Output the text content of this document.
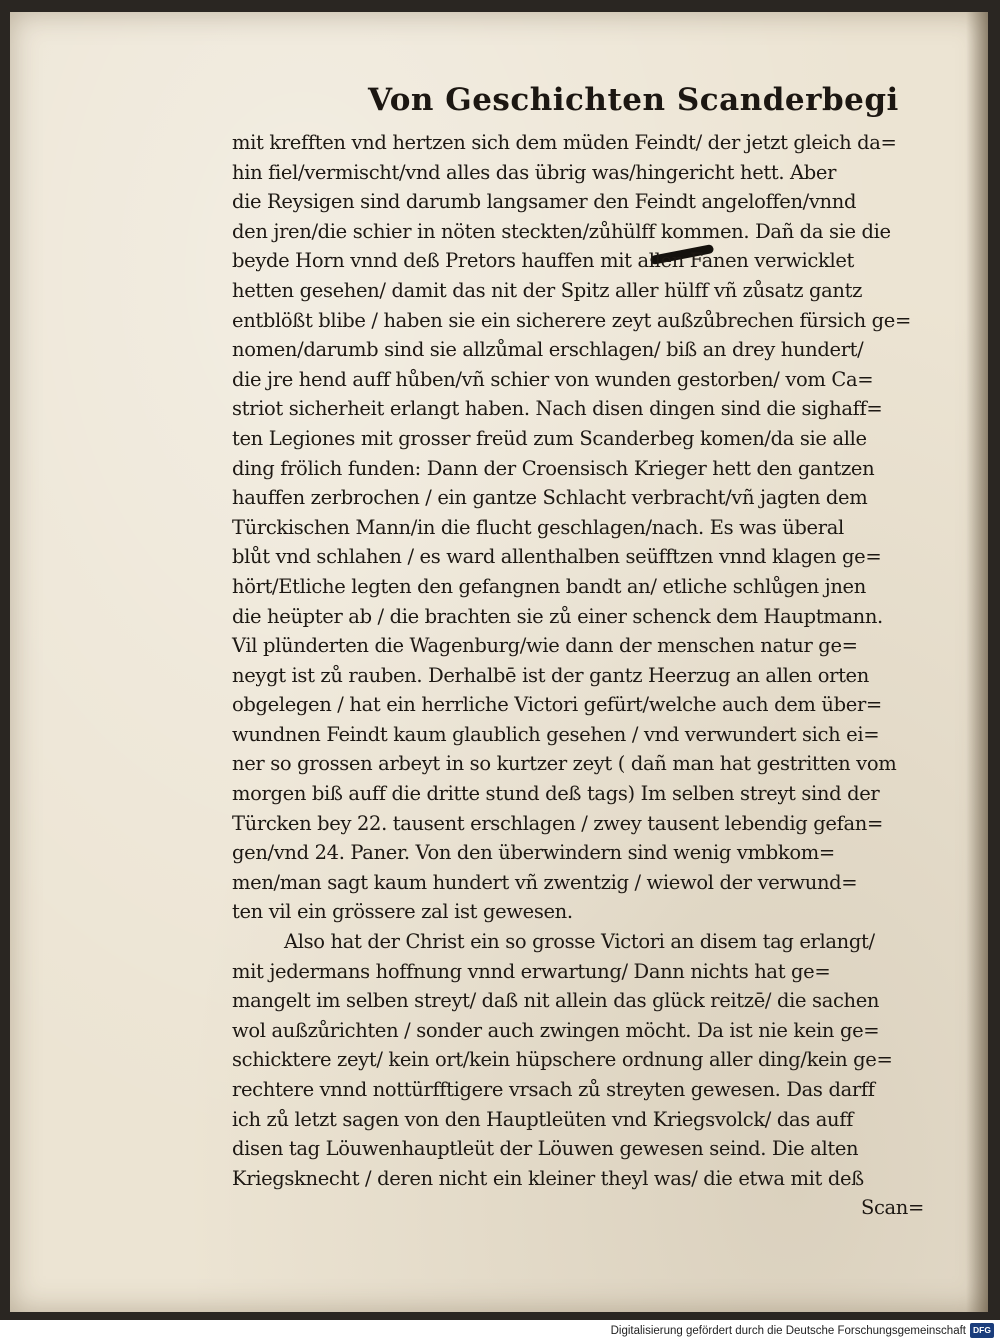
Von Geschichten Scanderbegi
mit krefften vnd hertzen sich dem müden Feindt/ der jetzt gleich da=
hin fiel/vermischt/vnd alles das übrig was/hingericht hett. Aber
die Reysigen sind darumb langsamer den Feindt angeloffen/vnnd
den jren/die schier in nöten steckten/zůhülff kommen. Dañ da sie die
beyde Horn vnnd deß Pretors hauffen mit allen Fanen verwicklet
hetten gesehen/ damit das nit der Spitz aller hülff vñ zůsatz gantz
entblößt blibe / haben sie ein sicherere zeyt außzůbrechen fürsich ge=
nomen/darumb sind sie allzůmal erschlagen/ biß an drey hundert/
die jre hend auff hůben/vñ schier von wunden gestorben/ vom Ca=
striot sicherheit erlangt haben. Nach disen dingen sind die sighaff=
ten Legiones mit grosser freüd zum Scanderbeg komen/da sie alle
ding frölich funden: Dann der Croensisch Krieger hett den gantzen
hauffen zerbrochen / ein gantze Schlacht verbracht/vñ jagten dem
Türckischen Mann/in die flucht geschlagen/nach. Es was überal
blůt vnd schlahen / es ward allenthalben seüfftzen vnnd klagen ge=
hört/Etliche legten den gefangnen bandt an/ etliche schlůgen jnen
die heüpter ab / die brachten sie zů einer schenck dem Hauptmann.
Vil plünderten die Wagenburg/wie dann der menschen natur ge=
neygt ist zů rauben. Derhalbē ist der gantz Heerzug an allen orten
obgelegen / hat ein herrliche Victori gefürt/welche auch dem über=
wundnen Feindt kaum glaublich gesehen / vnd verwundert sich ei=
ner so grossen arbeyt in so kurtzer zeyt ( dañ man hat gestritten vom
morgen biß auff die dritte stund deß tags) Im selben streyt sind der
Türcken bey 22. tausent erschlagen / zwey tausent lebendig gefan=
gen/vnd 24. Paner. Von den überwindern sind wenig vmbkom=
men/man sagt kaum hundert vñ zwentzig / wiewol der verwund=
ten vil ein grössere zal ist gewesen.
Also hat der Christ ein so grosse Victori an disem tag erlangt/
mit jedermans hoffnung vnnd erwartung/ Dann nichts hat ge=
mangelt im selben streyt/ daß nit allein das glück reitzē/ die sachen
wol außzůrichten / sonder auch zwingen möcht. Da ist nie kein ge=
schicktere zeyt/ kein ort/kein hüpschere ordnung aller ding/kein ge=
rechtere vnnd nottürfftigere vrsach zů streyten gewesen. Das darff
ich zů letzt sagen von den Hauptleüten vnd Kriegsvolck/ das auff
disen tag Löuwenhauptleüt der Löuwen gewesen seind. Die alten
Kriegsknecht / deren nicht ein kleiner theyl was/ die etwa mit deß
Scan=
Digitalisierung gefördert durch die Deutsche Forschungsgemeinschaft DFG
